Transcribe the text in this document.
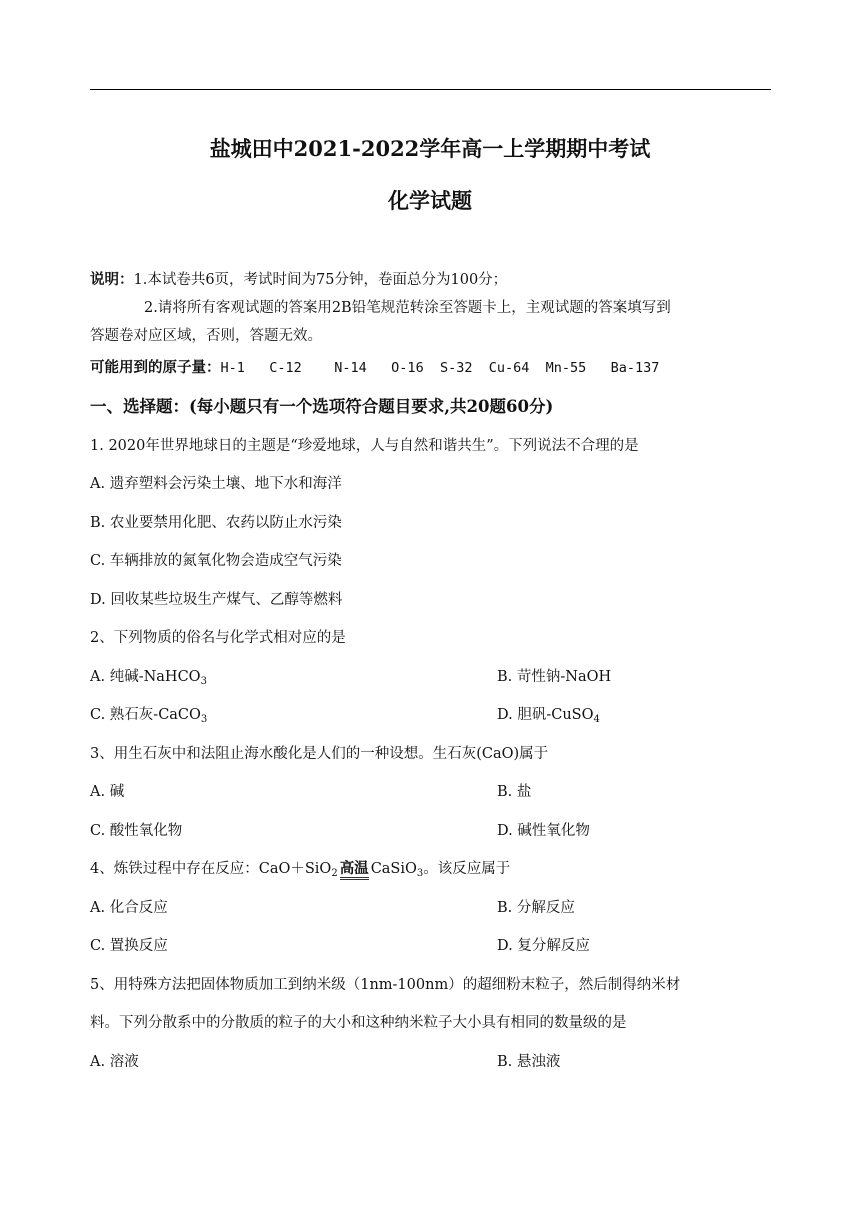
盐城田中2021-2022学年高一上学期期中考试
化学试题
说明：1.本试卷共6页，考试时间为75分钟，卷面总分为100分；
2.请将所有客观试题的答案用2B铅笔规范转涂至答题卡上，主观试题的答案填写到
答题卷对应区域，否则，答题无效。
可能用到的原子量：H-1   C-12    N-14   O-16  S-32  Cu-64  Mn-55   Ba-137
一、选择题：(每小题只有一个选项符合题目要求,共20题60分)
1. 2020年世界地球日的主题是“珍爱地球，人与自然和谐共生”。下列说法不合理的是
A. 遗弃塑料会污染土壤、地下水和海洋
B. 农业要禁用化肥、农药以防止水污染
C. 车辆排放的氮氧化物会造成空气污染
D. 回收某些垃圾生产煤气、乙醇等燃料
2、下列物质的俗名与化学式相对应的是
A. 纯碱-NaHCO$_3$	B. 苛性钠-NaOH
C. 熟石灰-CaCO$_3$	D. 胆矾-CuSO$_4$
3、用生石灰中和法阻止海水酸化是人们的一种设想。生石灰(CaO)属于
A. 碱	B. 盐
C. 酸性氧化物	D. 碱性氧化物
4、炼铁过程中存在反应：CaO＋SiO$_2$ 高温 CaSiO$_3$。该反应属于
A. 化合反应	B. 分解反应
C. 置换反应	D. 复分解反应
5、用特殊方法把固体物质加工到纳米级（1nm-100nm）的超细粉末粒子，然后制得纳米材
料。下列分散系中的分散质的粒子的大小和这种纳米粒子大小具有相同的数量级的是
A. 溶液	B. 悬浊液
